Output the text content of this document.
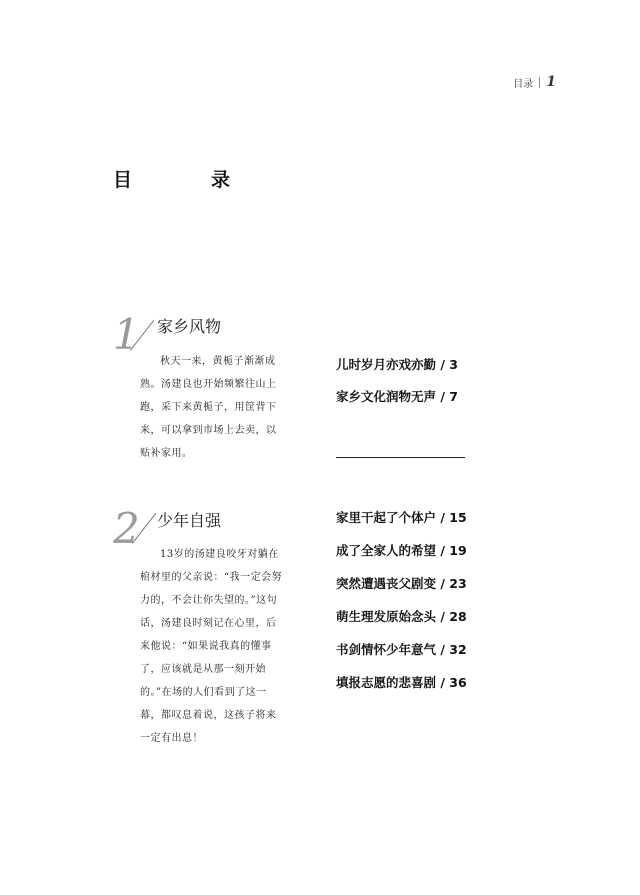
目录 1
目　录
1 家乡风物

秋天一来，黄栀子渐渐成熟。汤建良也开始频繁往山上跑，采下来黄栀子，用筐背下来，可以拿到市场上去卖，以贴补家用。

儿时岁月亦戏亦勤 / 3
家乡文化润物无声 / 7
2 少年自强

13岁的汤建良咬牙对躺在棺材里的父亲说：“我一定会努力的，不会让你失望的。”这句话，汤建良时刻记在心里，后来他说：“如果说我真的懂事了，应该就是从那一刻开始的。”在场的人们看到了这一幕，都叹息着说，这孩子将来一定有出息！

家里干起了个体户 / 15
成了全家人的希望 / 19
突然遭遇丧父剧变 / 23
萌生理发原始念头 / 28
书剑情怀少年意气 / 32
填报志愿的悲喜剧 / 36
